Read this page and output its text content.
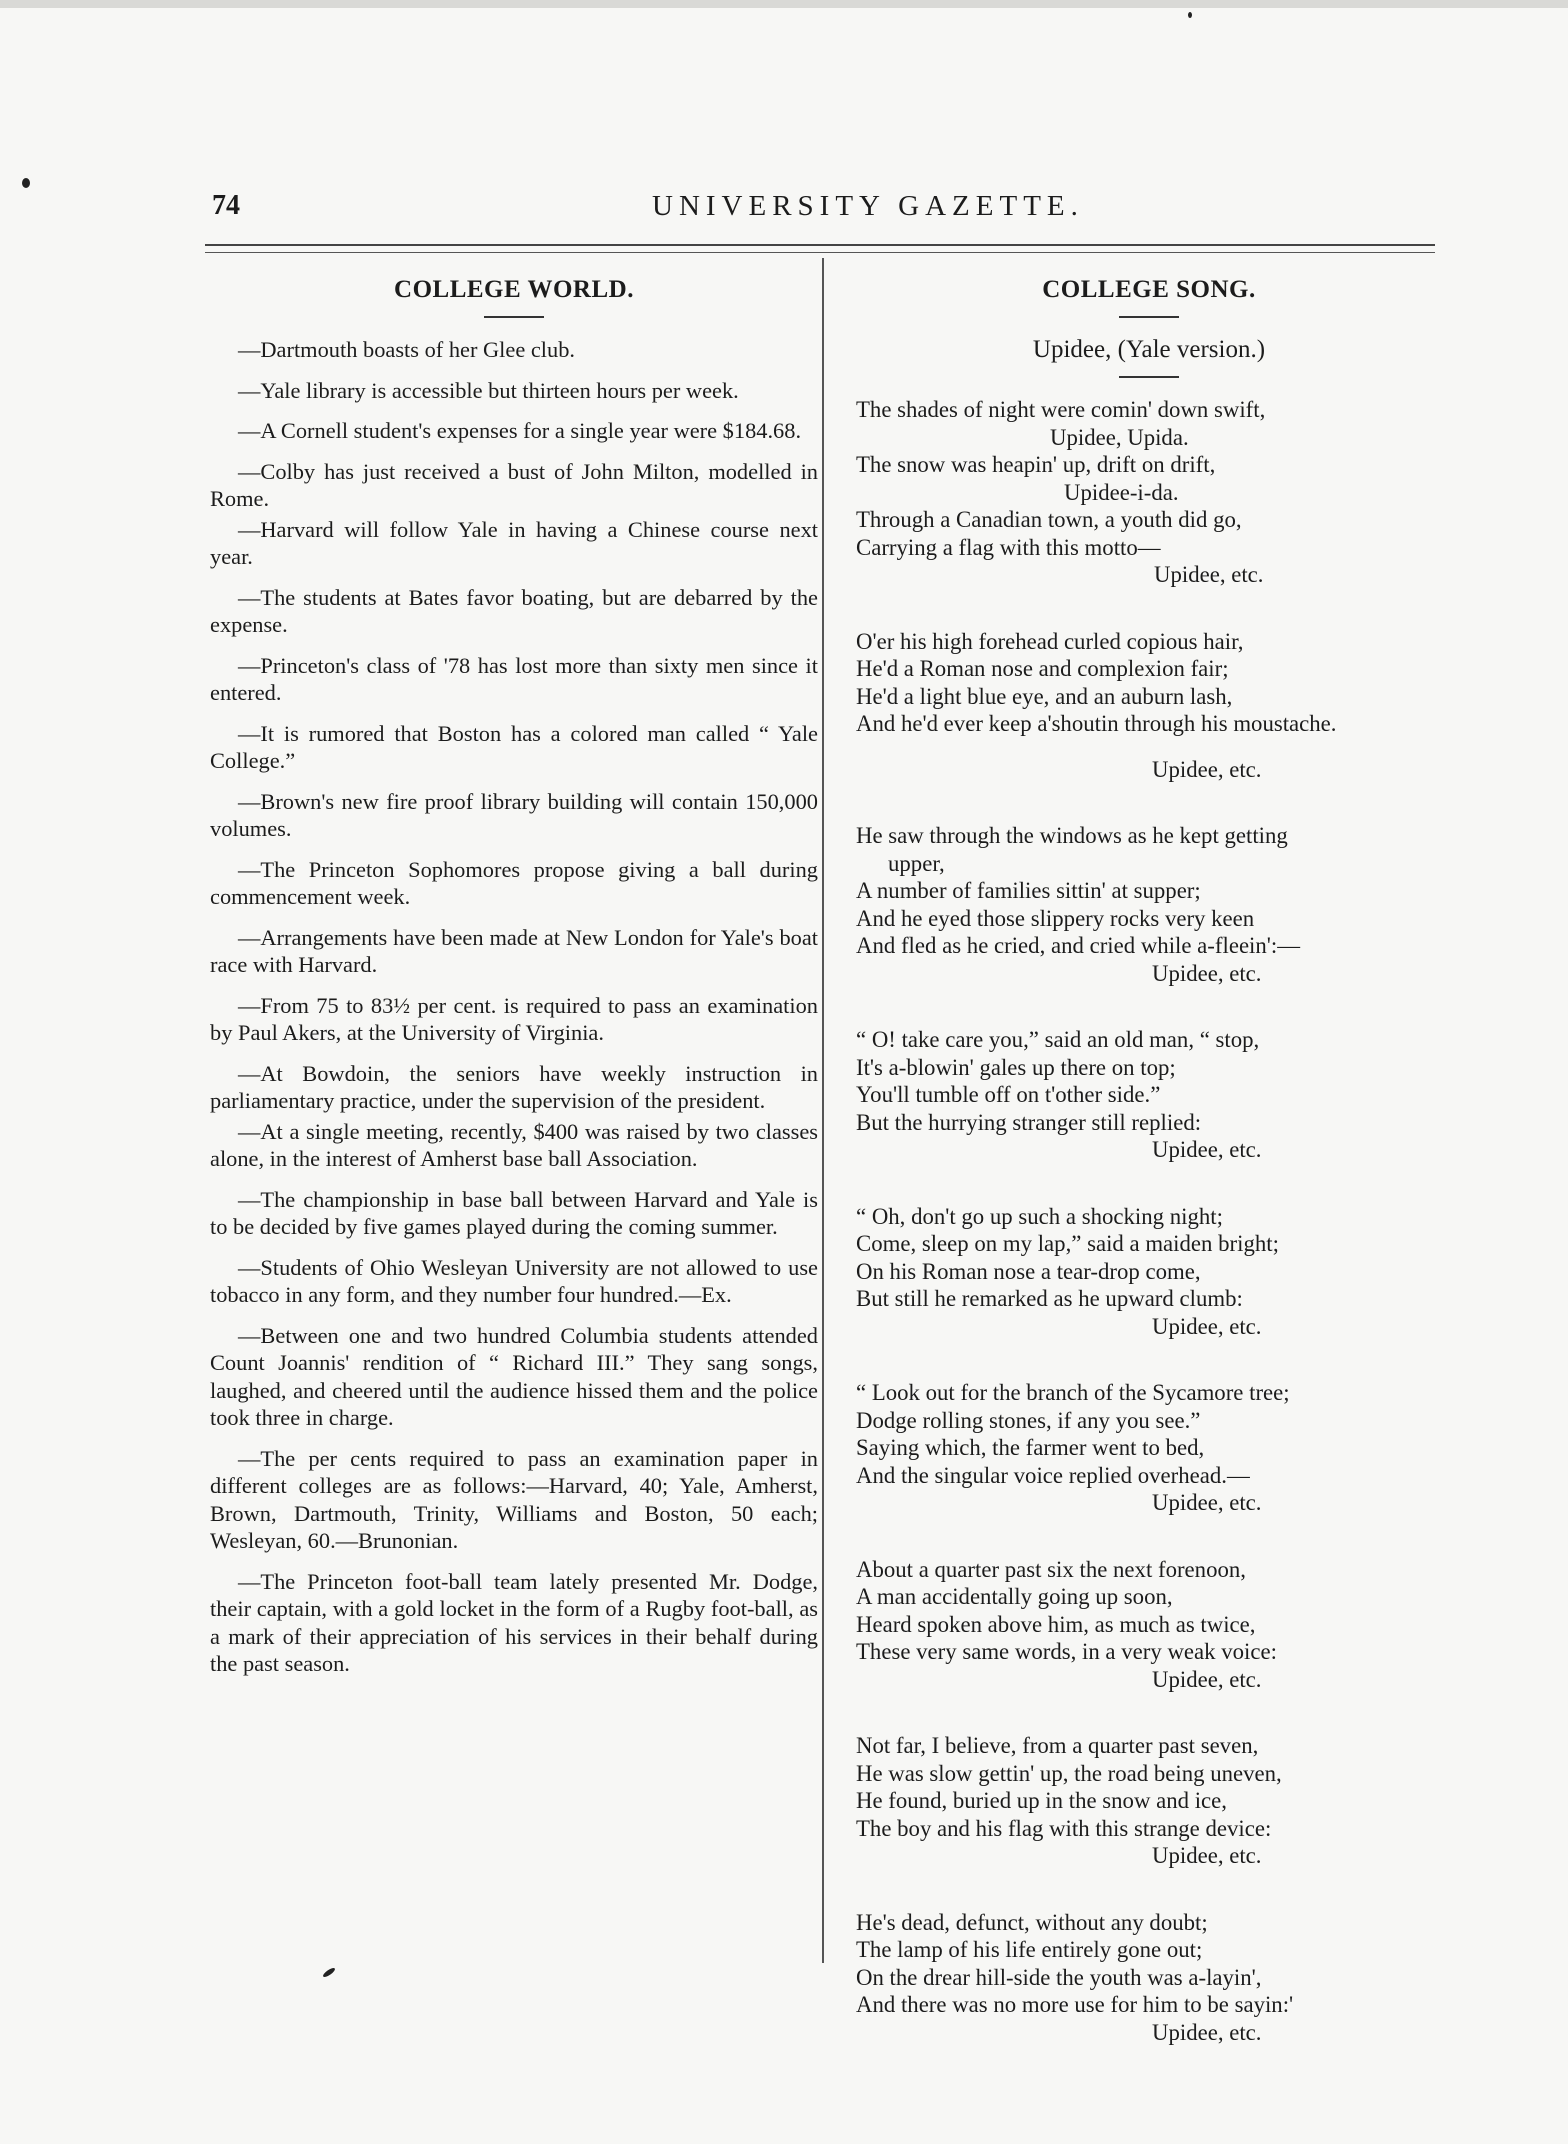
74	UNIVERSITY GAZETTE.
COLLEGE WORLD.

—Dartmouth boasts of her Glee club.

—Yale library is accessible but thirteen hours per week.

—A Cornell student's expenses for a single year were $184.68.

—Colby has just received a bust of John Milton, modelled in Rome.

—Harvard will follow Yale in having a Chinese course next year.

—The students at Bates favor boating, but are debarred by the expense.

—Princeton's class of '78 has lost more than sixty men since it entered.

—It is rumored that Boston has a colored man called “ Yale College.”

—Brown's new fire proof library building will contain 150,000 volumes.

—The Princeton Sophomores propose giving a ball during commencement week.

—Arrangements have been made at New London for Yale's boat race with Harvard.

—From 75 to 83½ per cent. is required to pass an examination by Paul Akers, at the University of Virginia.

—At Bowdoin, the seniors have weekly instruction in parliamentary practice, under the supervision of the president.

—At a single meeting, recently, $400 was raised by two classes alone, in the interest of Amherst base ball Association.

—The championship in base ball between Harvard and Yale is to be decided by five games played during the coming summer.

—Students of Ohio Wesleyan University are not allowed to use tobacco in any form, and they number four hundred.—Ex.

—Between one and two hundred Columbia students attended Count Joannis' rendition of “ Richard III.” They sang songs, laughed, and cheered until the audience hissed them and the police took three in charge.

—The per cents required to pass an examination paper in different colleges are as follows:—Harvard, 40; Yale, Amherst, Brown, Dartmouth, Trinity, Williams and Boston, 50 each; Wesleyan, 60.—Brunonian.

—The Princeton foot-ball team lately presented Mr. Dodge, their captain, with a gold locket in the form of a Rugby foot-ball, as a mark of their appreciation of his services in their behalf during the past season.

COLLEGE SONG.

Upidee, (Yale version.)

The shades of night were comin' down swift,
Upidee, Upida.
The snow was heapin' up, drift on drift,
Upidee-i-da.
Through a Canadian town, a youth did go,
Carrying a flag with this motto—
Upidee, etc.
O'er his high forehead curled copious hair,
He'd a Roman nose and complexion fair;
He'd a light blue eye, and an auburn lash,
And he'd ever keep a'shoutin through his moustache.
Upidee, etc.
He saw through the windows as he kept getting
upper,
A number of families sittin' at supper;
And he eyed those slippery rocks very keen
And fled as he cried, and cried while a-fleein':—
Upidee, etc.
“ O! take care you,” said an old man, “ stop,
It's a-blowin' gales up there on top;
You'll tumble off on t'other side.”
But the hurrying stranger still replied:
Upidee, etc.
“ Oh, don't go up such a shocking night;
Come, sleep on my lap,” said a maiden bright;
On his Roman nose a tear-drop come,
But still he remarked as he upward clumb:
Upidee, etc.
“ Look out for the branch of the Sycamore tree;
Dodge rolling stones, if any you see.”
Saying which, the farmer went to bed,
And the singular voice replied overhead.—
Upidee, etc.
About a quarter past six the next forenoon,
A man accidentally going up soon,
Heard spoken above him, as much as twice,
These very same words, in a very weak voice:
Upidee, etc.
Not far, I believe, from a quarter past seven,
He was slow gettin' up, the road being uneven,
He found, buried up in the snow and ice,
The boy and his flag with this strange device:
Upidee, etc.
He's dead, defunct, without any doubt;
The lamp of his life entirely gone out;
On the drear hill-side the youth was a-layin',
And there was no more use for him to be sayin:'
Upidee, etc.
